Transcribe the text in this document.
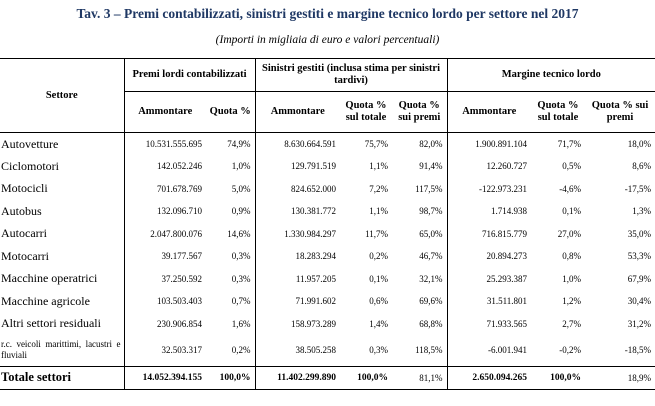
Tav. 3 – Premi contabilizzati, sinistri gestiti e margine tecnico lordo per settore nel 2017
(Importi in migliaia di euro e valori percentuali)
Settore	Premi lordi contabilizzati		Sinistri gestiti (inclusa stima per sinistri tardivi)			Margine tecnico lordo		
	Ammontare	Quota %	Ammontare	Quota % sul totale	Quota % sui premi	Ammontare	Quota % sul totale	Quota % sui premi
Autovetture	10.531.555.695	74,9%	8.630.664.591	75,7%	82,0%	1.900.891.104	71,7%	18,0%
Ciclomotori	142.052.246	1,0%	129.791.519	1,1%	91,4%	12.260.727	0,5%	8,6%
Motocicli	701.678.769	5,0%	824.652.000	7,2%	117,5%	-122.973.231	-4,6%	-17,5%
Autobus	132.096.710	0,9%	130.381.772	1,1%	98,7%	1.714.938	0,1%	1,3%
Autocarri	2.047.800.076	14,6%	1.330.984.297	11,7%	65,0%	716.815.779	27,0%	35,0%
Motocarri	39.177.567	0,3%	18.283.294	0,2%	46,7%	20.894.273	0,8%	53,3%
Macchine operatrici	37.250.592	0,3%	11.957.205	0,1%	32,1%	25.293.387	1,0%	67,9%
Macchine agricole	103.503.403	0,7%	71.991.602	0,6%	69,6%	31.511.801	1,2%	30,4%
Altri settori residuali	230.906.854	1,6%	158.973.289	1,4%	68,8%	71.933.565	2,7%	31,2%
r.c. veicoli marittimi, lacustri e fluviali	32.503.317	0,2%	38.505.258	0,3%	118,5%	-6.001.941	-0,2%	-18,5%
Totale settori	14.052.394.155	100,0%	11.402.299.890	100,0%	81,1%	2.650.094.265	100,0%	18,9%
